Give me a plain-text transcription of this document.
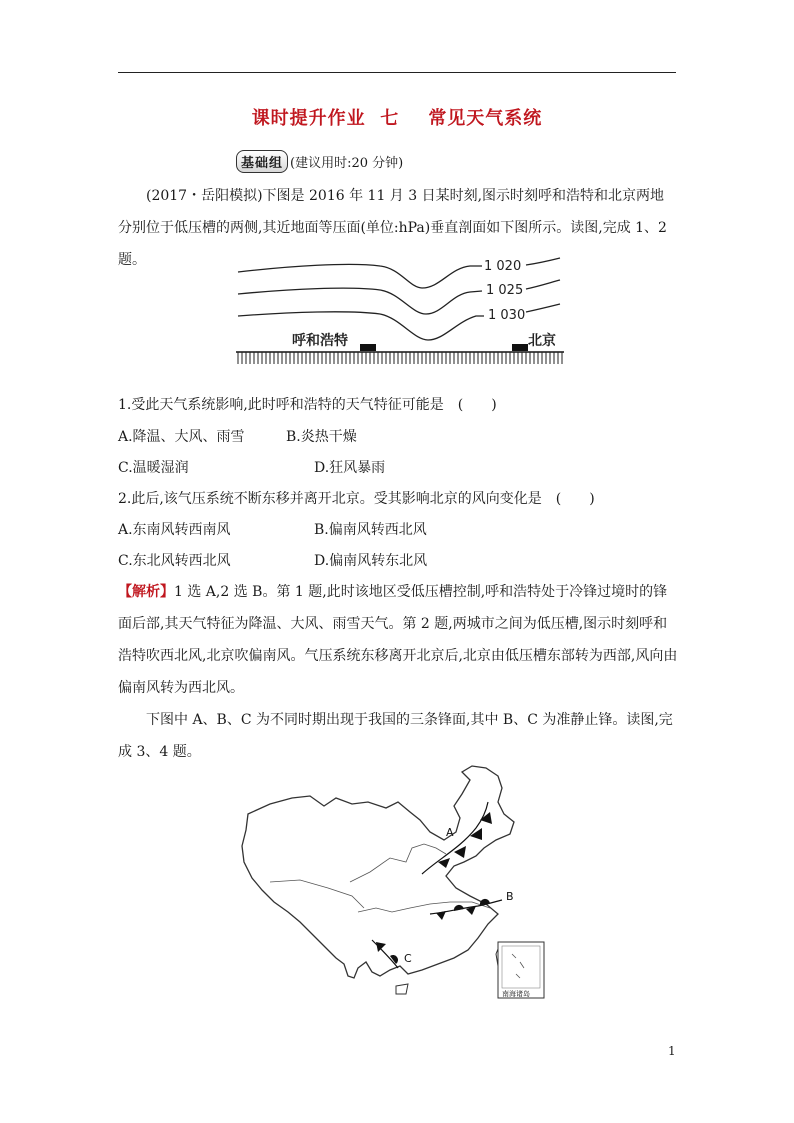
课时提升作业 七 常见天气系统
基础组 (建议用时:20 分钟)
(2017・岳阳模拟)下图是 2016 年 11 月 3 日某时刻,图示时刻呼和浩特和北京两地分别位于低压槽的两侧,其近地面等压面(单位:hPa)垂直剖面如下图所示。读图,完成 1、2 题。	1 020
1 025
1 030
呼和浩特	北京
1.受此天气系统影响,此时呼和浩特的天气特征可能是　(　　)
A.降温、大风、雨雪	B.炎热干燥
C.温暖湿润	D.狂风暴雨
2.此后,该气压系统不断东移并离开北京。受其影响北京的风向变化是　(　　)
A.东南风转西南风	B.偏南风转西北风
C.东北风转西北风	D.偏南风转东北风
【解析】1 选 A,2 选 B。第 1 题,此时该地区受低压槽控制,呼和浩特处于冷锋过境时的锋面后部,其天气特征为降温、大风、雨雪天气。第 2 题,两城市之间为低压槽,图示时刻呼和浩特吹西北风,北京吹偏南风。气压系统东移离开北京后,北京由低压槽东部转为西部,风向由偏南风转为西北风。
下图中 A、B、C 为不同时期出现于我国的三条锋面,其中 B、C 为准静止锋。读图,完成 3、4 题。
A
B
C
南海诸岛
1
